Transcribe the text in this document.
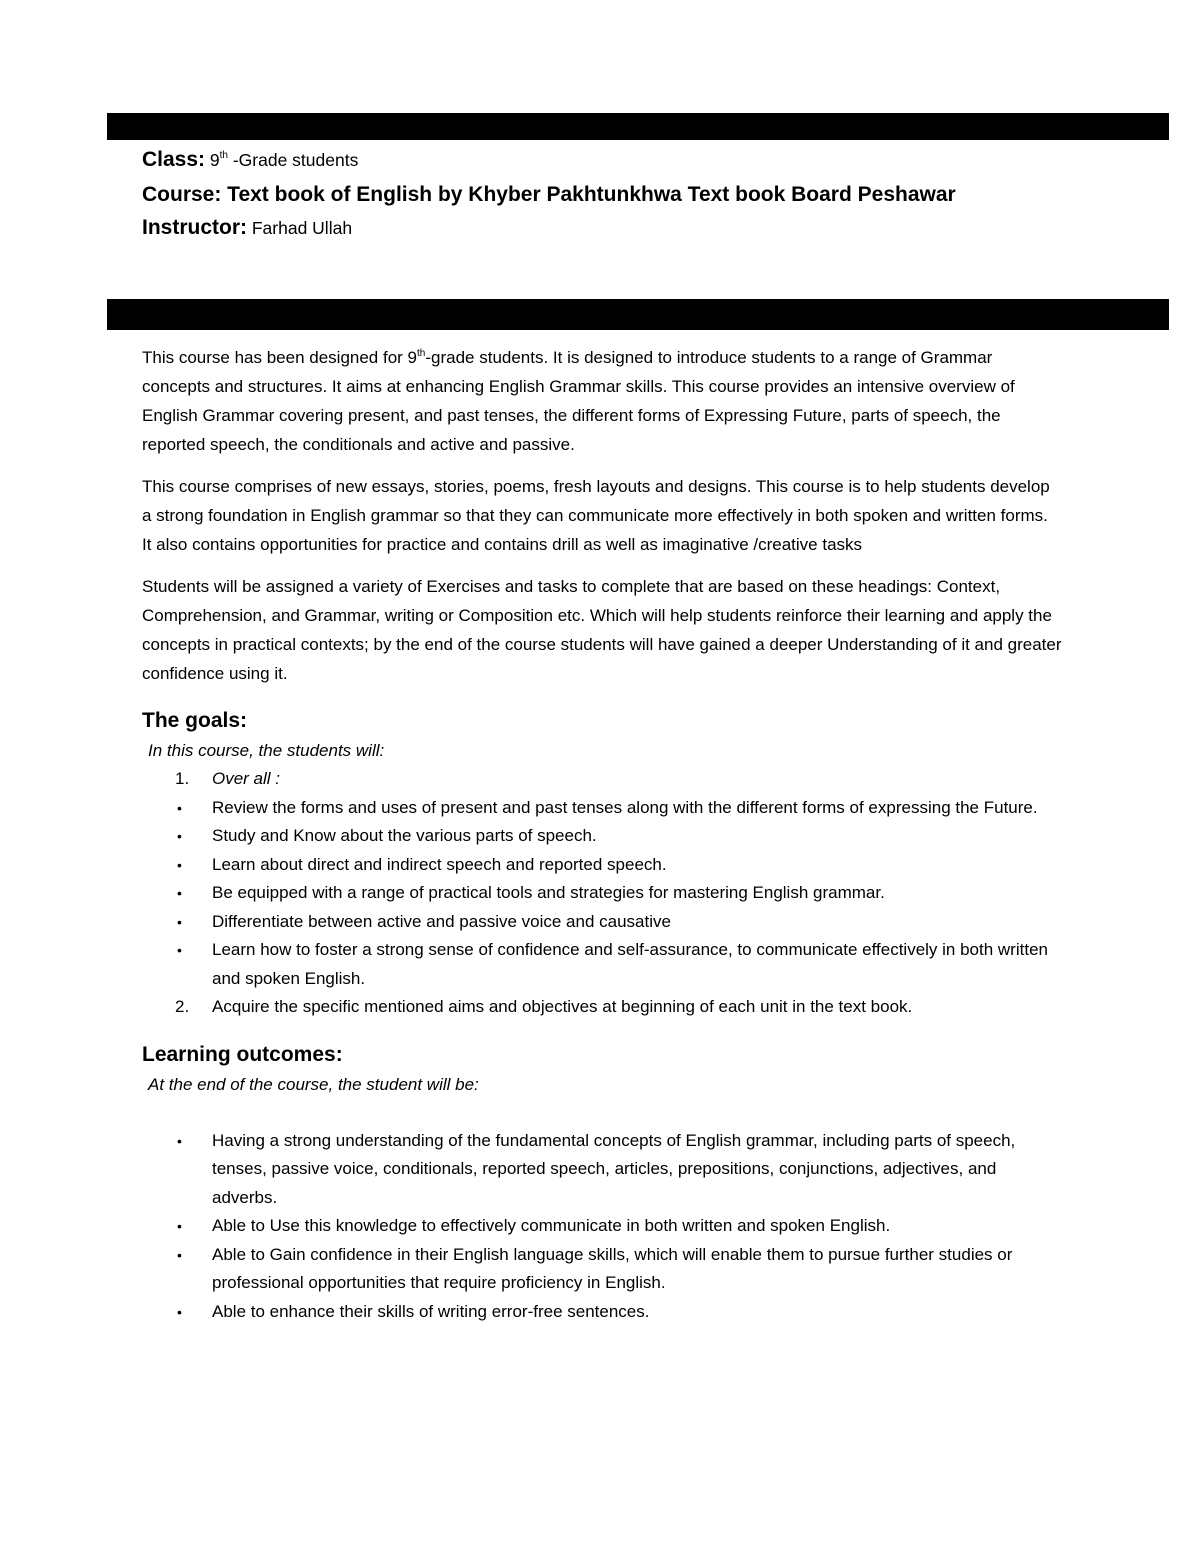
Class: 9th -Grade students
Course: Text book of English by Khyber Pakhtunkhwa Text book Board Peshawar
Instructor: Farhad Ullah

This course has been designed for 9th-grade students. It is designed to introduce students to a range of Grammar concepts and structures. It aims at enhancing English Grammar skills. This course provides an intensive overview of English Grammar covering present, and past tenses, the different forms of Expressing Future, parts of speech, the reported speech, the conditionals and active and passive.

This course comprises of new essays, stories, poems, fresh layouts and designs. This course is to help students develop a strong foundation in English grammar so that they can communicate more effectively in both spoken and written forms. It also contains opportunities for practice and contains drill as well as imaginative /creative tasks

Students will be assigned a variety of Exercises and tasks to complete that are based on these headings: Context, Comprehension, and Grammar, writing or Composition etc. Which will help students reinforce their learning and apply the concepts in practical contexts; by the end of the course students will have gained a deeper Understanding of it and greater confidence using it.

The goals:
In this course, the students will:
1. Over all :
• Review the forms and uses of present and past tenses along with the different forms of expressing the Future.
• Study and Know about the various parts of speech.
• Learn about direct and indirect speech and reported speech.
• Be equipped with a range of practical tools and strategies for mastering English grammar.
• Differentiate between active and passive voice and causative
• Learn how to foster a strong sense of confidence and self-assurance, to communicate effectively in both written and spoken English.
2. Acquire the specific mentioned aims and objectives at beginning of each unit in the text book.
Learning outcomes:
At the end of the course, the student will be:
• Having a strong understanding of the fundamental concepts of English grammar, including parts of speech, tenses, passive voice, conditionals, reported speech, articles, prepositions, conjunctions, adjectives, and adverbs.
• Able to Use this knowledge to effectively communicate in both written and spoken English.
• Able to Gain confidence in their English language skills, which will enable them to pursue further studies or professional opportunities that require proficiency in English.
• Able to enhance their skills of writing error-free sentences.
